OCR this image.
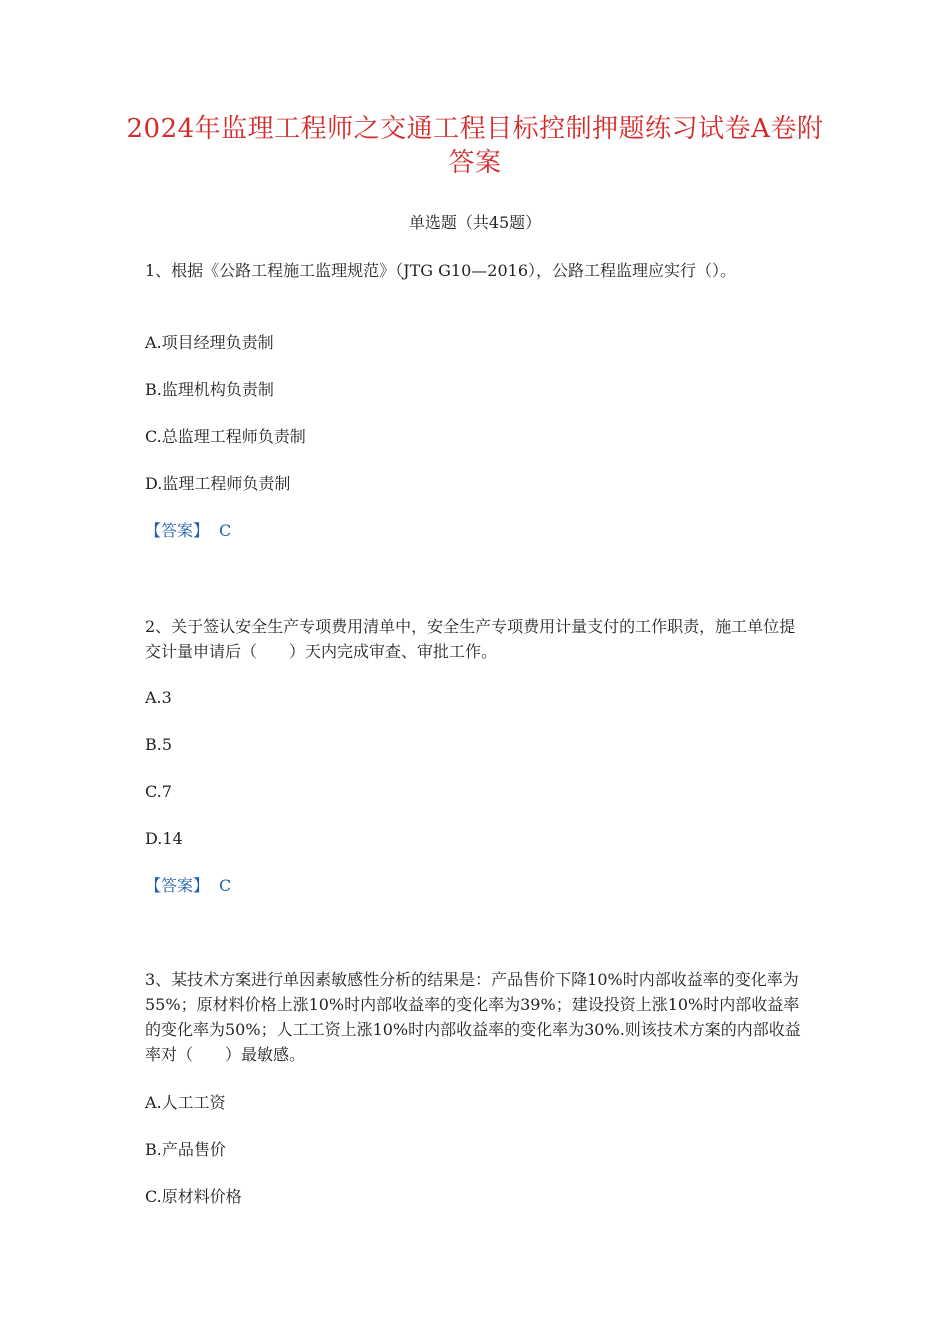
2024年监理工程师之交通工程目标控制押题练习试卷A卷附答案
单选题（共45题）
1、根据《公路工程施工监理规范》（JTG G10—2016），公路工程监理应实行（）。
A.项目经理负责制
B.监理机构负责制
C.总监理工程师负责制
D.监理工程师负责制
【答案】 C
2、关于签认安全生产专项费用清单中，安全生产专项费用计量支付的工作职责，施工单位提交计量申请后（　　）天内完成审查、审批工作。
A.3
B.5
C.7
D.14
【答案】 C
3、某技术方案进行单因素敏感性分析的结果是：产品售价下降10%时内部收益率的变化率为55%；原材料价格上涨10%时内部收益率的变化率为39%；建设投资上涨10%时内部收益率的变化率为50%；人工工资上涨10%时内部收益率的变化率为30%.则该技术方案的内部收益率对（　　）最敏感。
A.人工工资
B.产品售价
C.原材料价格
